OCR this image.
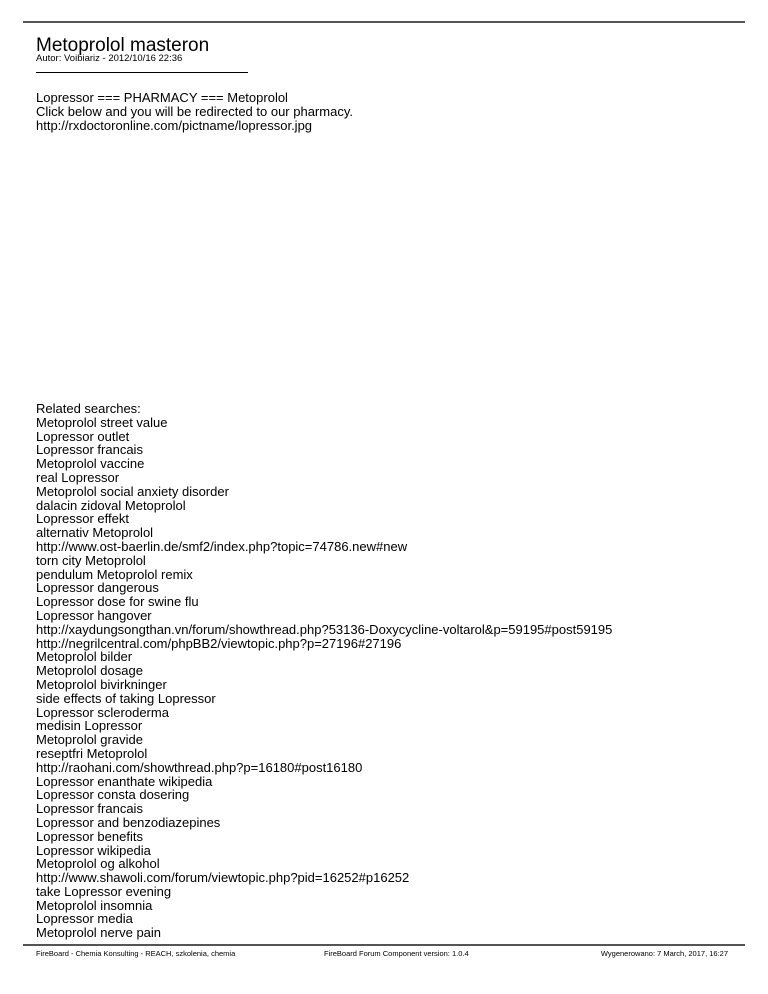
Metoprolol masteron
Autor: Voibiariz - 2012/10/16 22:36
Lopressor === PHARMACY === Metoprolol
Click below and you will be redirected to our pharmacy.
http://rxdoctoronline.com/pictname/lopressor.jpg
Related searches:
Metoprolol street value
Lopressor outlet
Lopressor francais
Metoprolol vaccine
real Lopressor
Metoprolol social anxiety disorder
dalacin zidoval Metoprolol
Lopressor effekt
alternativ Metoprolol
http://www.ost-baerlin.de/smf2/index.php?topic=74786.new#new
torn city Metoprolol
pendulum Metoprolol remix
Lopressor dangerous
Lopressor dose for swine flu
Lopressor hangover
http://xaydungsongthan.vn/forum/showthread.php?53136-Doxycycline-voltarol&p=59195#post59195
http://negrilcentral.com/phpBB2/viewtopic.php?p=27196#27196
Metoprolol bilder
Metoprolol dosage
Metoprolol bivirkninger
side effects of taking Lopressor
Lopressor scleroderma
medisin Lopressor
Metoprolol gravide
reseptfri Metoprolol
http://raohani.com/showthread.php?p=16180#post16180
Lopressor enanthate wikipedia
Lopressor consta dosering
Lopressor francais
Lopressor and benzodiazepines
Lopressor benefits
Lopressor wikipedia
Metoprolol og alkohol
http://www.shawoli.com/forum/viewtopic.php?pid=16252#p16252
take Lopressor evening
Metoprolol insomnia
Lopressor media
Metoprolol nerve pain
FireBoard - Chemia Konsulting - REACH, szkolenia, chemia	FireBoard Forum Component version: 1.0.4	Wygenerowano: 7 March, 2017, 16:27
